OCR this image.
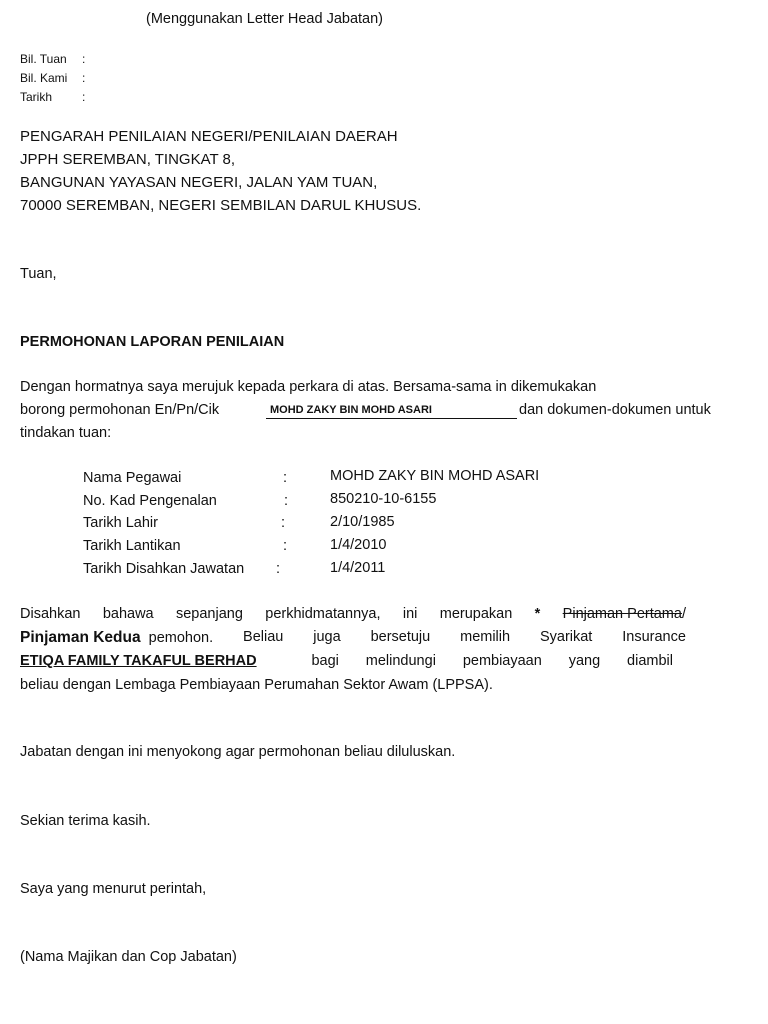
(Menggunakan Letter Head Jabatan)
Bil. Tuan :
Bil. Kami :
Tarikh :
PENGARAH PENILAIAN NEGERI/PENILAIAN DAERAH
JPPH SEREMBAN, TINGKAT 8,
BANGUNAN YAYASAN NEGERI, JALAN YAM TUAN,
70000 SEREMBAN, NEGERI SEMBILAN DARUL KHUSUS.
Tuan,
PERMOHONAN LAPORAN PENILAIAN
Dengan hormatnya saya merujuk kepada perkara di atas. Bersama-sama in dikemukakan
borong permohonan En/Pn/Cik	MOHD ZAKY BIN MOHD ASARI	dan dokumen-dokumen untuk
tindakan tuan:
Nama Pegawai	:	MOHD ZAKY BIN MOHD ASARI
No. Kad Pengenalan	:	850210-10-6155
Tarikh Lahir	:	2/10/1985
Tarikh Lantikan	:	1/4/2010
Tarikh Disahkan Jawatan :	1/4/2011
Disahkan bahawa sepanjang perkhidmatannya, ini merupakan * Pinjaman Pertama/
Pinjaman Kedua pemohon. Beliau juga bersetuju memilih Syarikat Insurance
ETIQA FAMILY TAKAFUL BERHAD	bagi melindungi pembiayaan yang diambil
beliau dengan Lembaga Pembiayaan Perumahan Sektor Awam (LPPSA).
Jabatan dengan ini menyokong agar permohonan beliau diluluskan.
Sekian terima kasih.
Saya yang menurut perintah,
(Nama Majikan dan Cop Jabatan)
